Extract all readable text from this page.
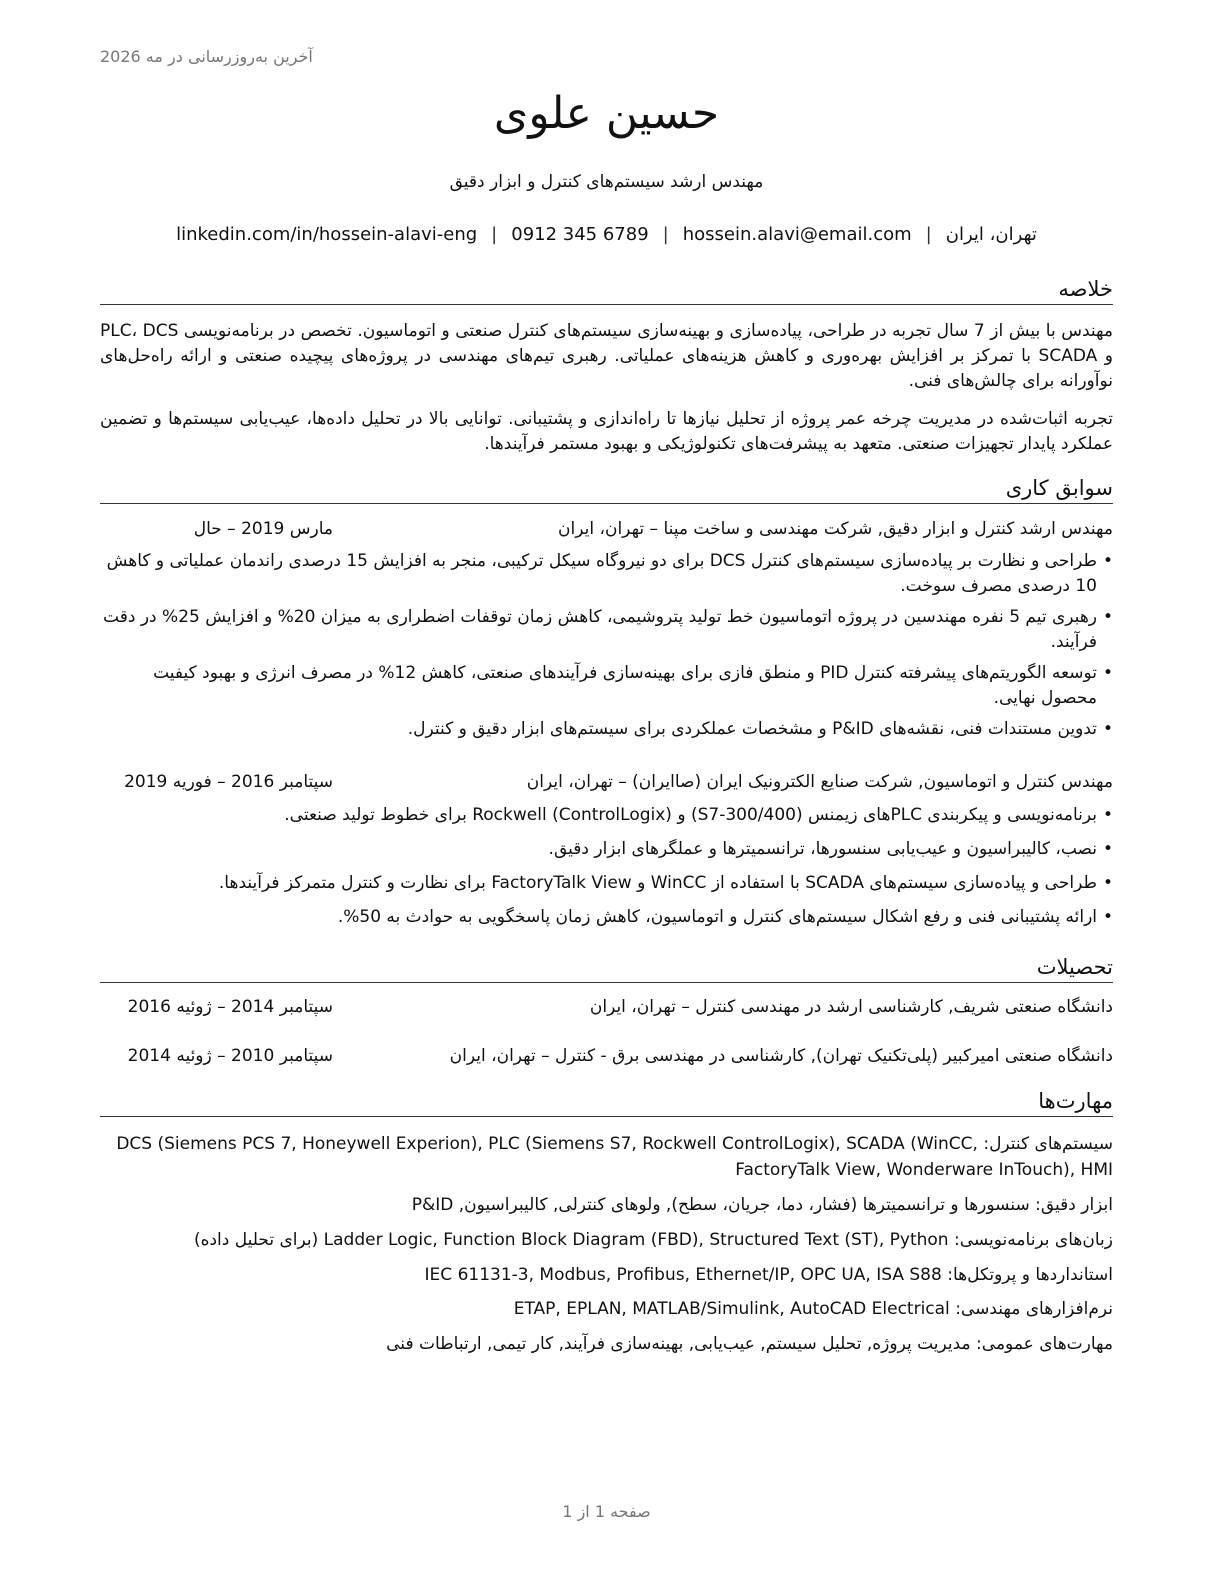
آخرین به‌روزرسانی در مه 2026
حسین علوی
مهندس ارشد سیستم‌های کنترل و ابزار دقیق
تهران، ایران|hossein.alavi@email.com|0912 345 6789|linkedin.com/in/hossein-alavi-eng
خلاصه
مهندس با بیش از 7 سال تجربه در طراحی، پیاده‌سازی و بهینه‌سازی سیستم‌های کنترل صنعتی و اتوماسیون. تخصص در برنامه‌نویسی PLC، DCS و SCADA با تمرکز بر افزایش بهره‌وری و کاهش هزینه‌های عملیاتی. رهبری تیم‌های مهندسی در پروژه‌های پیچیده صنعتی و ارائه راه‌حل‌های نوآورانه برای چالش‌های فنی.
تجربه اثبات‌شده در مدیریت چرخه عمر پروژه از تحلیل نیازها تا راه‌اندازی و پشتیبانی. توانایی بالا در تحلیل داده‌ها، عیب‌یابی سیستم‌ها و تضمین عملکرد پایدار تجهیزات صنعتی. متعهد به پیشرفت‌های تکنولوژیکی و بهبود مستمر فرآیندها.
سوابق کاری
مهندس ارشد کنترل و ابزار دقیق, شرکت مهندسی و ساخت مپنا – تهران، ایران
مارس 2019 – حال
• طراحی و نظارت بر پیاده‌سازی سیستم‌های کنترل DCS برای دو نیروگاه سیکل ترکیبی، منجر به افزایش 15 درصدی راندمان عملیاتی و کاهش 10 درصدی مصرف سوخت.
• رهبری تیم 5 نفره مهندسین در پروژه اتوماسیون خط تولید پتروشیمی، کاهش زمان توقفات اضطراری به میزان 20% و افزایش 25% در دقت فرآیند.
• توسعه الگوریتم‌های پیشرفته کنترل PID و منطق فازی برای بهینه‌سازی فرآیندهای صنعتی، کاهش 12% در مصرف انرژی و بهبود کیفیت محصول نهایی.
• تدوین مستندات فنی، نقشه‌های P&ID و مشخصات عملکردی برای سیستم‌های ابزار دقیق و کنترل.
مهندس کنترل و اتوماسیون, شرکت صنایع الکترونیک ایران (صاایران) – تهران، ایران
سپتامبر 2016 – فوریه 2019
• برنامه‌نویسی و پیکربندی PLCهای زیمنس (S7-300/400) و Rockwell (ControlLogix) برای خطوط تولید صنعتی.
• نصب، کالیبراسیون و عیب‌یابی سنسورها، ترانسمیترها و عملگرهای ابزار دقیق.
• طراحی و پیاده‌سازی سیستم‌های SCADA با استفاده از WinCC و FactoryTalk View برای نظارت و کنترل متمرکز فرآیندها.
• ارائه پشتیبانی فنی و رفع اشکال سیستم‌های کنترل و اتوماسیون، کاهش زمان پاسخگویی به حوادث به 50%.
تحصیلات
دانشگاه صنعتی شریف, کارشناسی ارشد در مهندسی کنترل – تهران، ایران
سپتامبر 2014 – ژوئیه 2016
دانشگاه صنعتی امیرکبیر (پلی‌تکنیک تهران), کارشناسی در مهندسی برق - کنترل – تهران، ایران
سپتامبر 2010 – ژوئیه 2014
مهارت‌ها
سیستم‌های کنترل: DCS (Siemens PCS 7, Honeywell Experion), PLC (Siemens S7, Rockwell ControlLogix), SCADA (WinCC, FactoryTalk View, Wonderware InTouch), HMI
ابزار دقیق: سنسورها و ترانسمیترها (فشار، دما، جریان، سطح), ولوهای کنترلی, کالیبراسیون, P&ID
زبان‌های برنامه‌نویسی: Ladder Logic, Function Block Diagram (FBD), Structured Text (ST), Python (برای تحلیل داده)
استانداردها و پروتکل‌ها: IEC 61131-3, Modbus, Profibus, Ethernet/IP, OPC UA, ISA S88
نرم‌افزارهای مهندسی: ETAP, EPLAN, MATLAB/Simulink, AutoCAD Electrical
مهارت‌های عمومی: مدیریت پروژه, تحلیل سیستم, عیب‌یابی, بهینه‌سازی فرآیند, کار تیمی, ارتباطات فنی
صفحه 1 از 1
